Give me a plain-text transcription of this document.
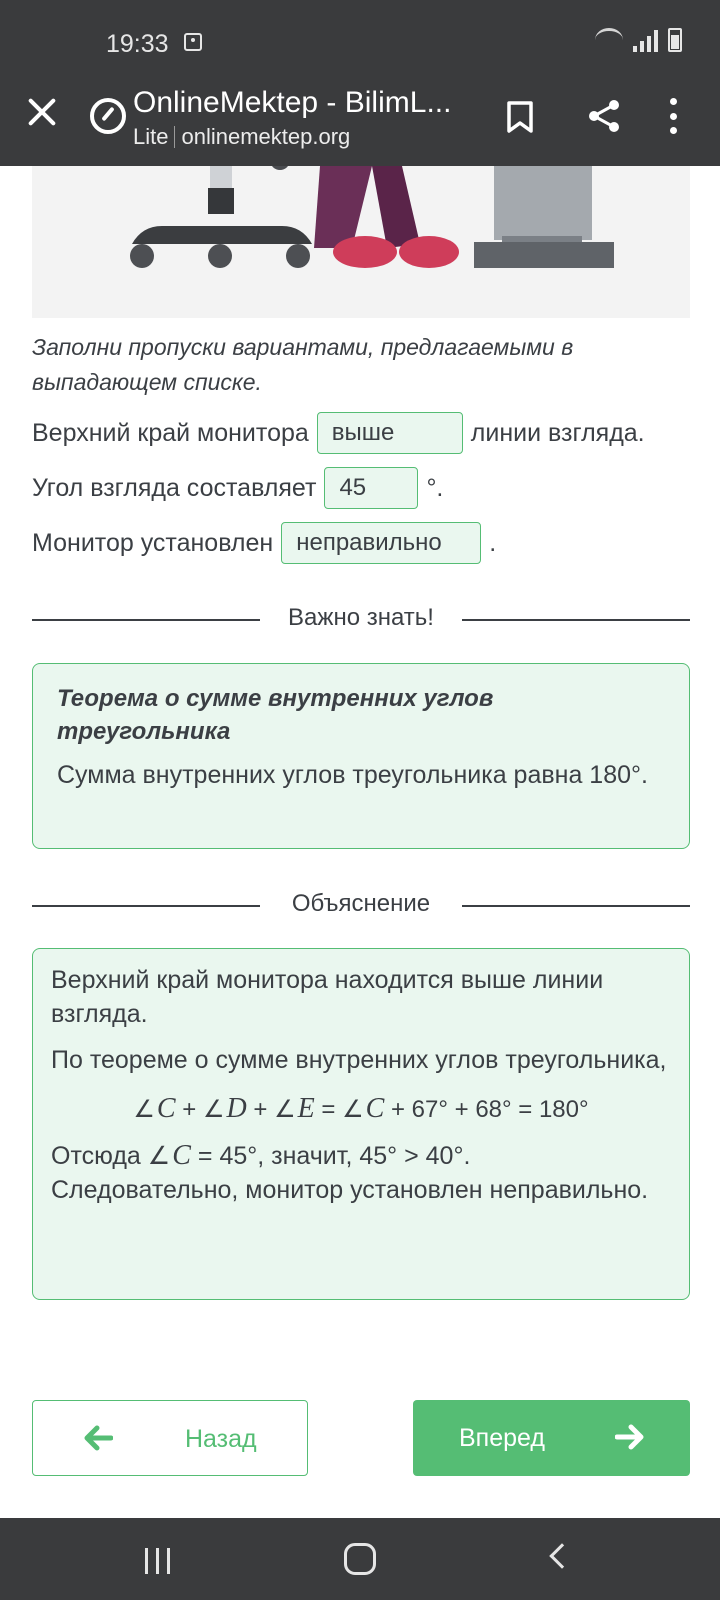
19:33
OnlineMektep - BilimL...
Lite onlinemektep.org
Заполни пропуски вариантами, предлагаемыми в выпадающем списке.
Верхний край монитора выше	линии взгляда.
Угол взгляда составляет 45	°.
Монитор установлен неправильно	.
Важно знать!
Теорема о сумме внутренних углов треугольника

Сумма внутренних углов треугольника равна 180°.

Объяснение

Верхний край монитора находится выше линии взгляда.

По теореме о сумме внутренних углов треугольника,

∠ C + ∠ D + ∠ E = ∠ C + 67° + 68° = 180°

Отсюда ∠ C = 45°, значит, 45° > 40°.

Следовательно, монитор установлен неправильно.

Назад	Вперед
